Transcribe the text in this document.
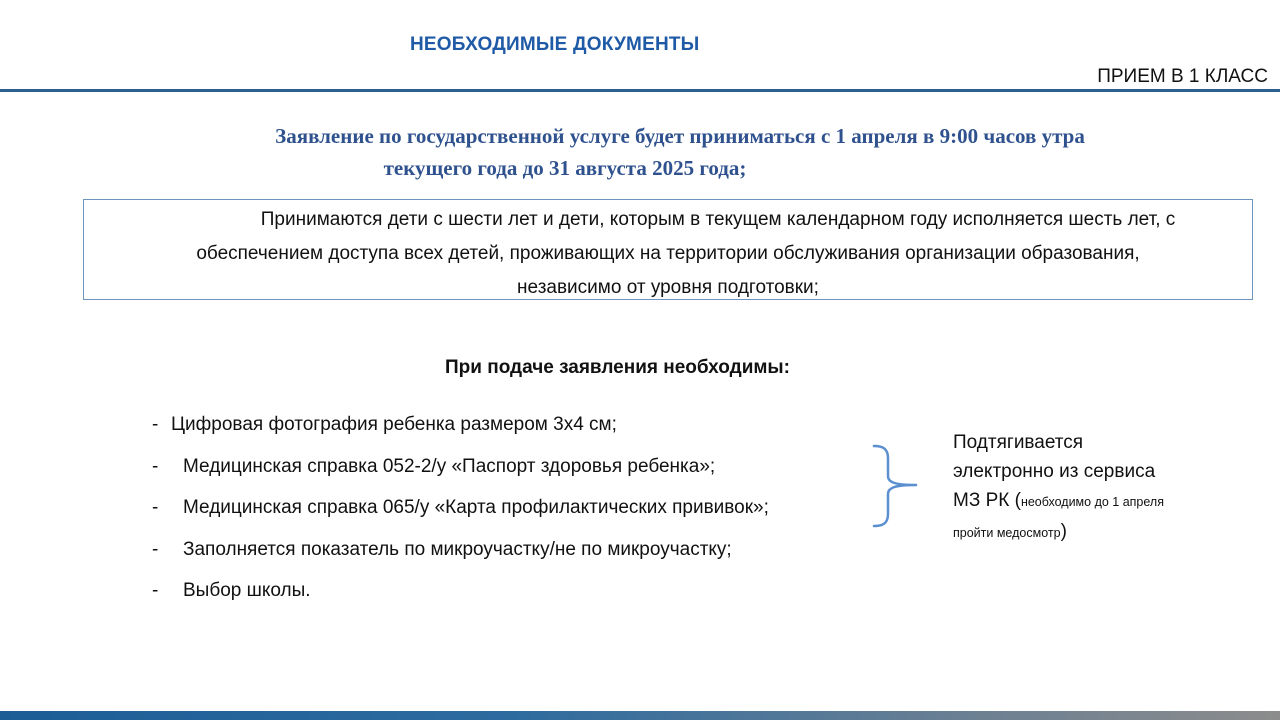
НЕОБХОДИМЫЕ ДОКУМЕНТЫ
ПРИЕМ В 1 КЛАСС
Заявление по государственной услуге будет приниматься с 1 апреля в 9:00 часов утра
текущего года до 31 августа 2025 года;
Принимаются дети с шести лет и дети, которым в текущем календарном году исполняется шесть лет, с
обеспечением доступа всех детей, проживающих на территории обслуживания организации образования,
независимо от уровня подготовки;
При подаче заявления необходимы:
- Цифровая фотография ребенка размером 3х4 см;
-	Медицинская справка 052-2/у «Паспорт здоровья ребенка»;
-	Медицинская справка 065/у «Карта профилактических прививок»;
-	Заполняется показатель по микроучастку/не по микроучастку;
-	Выбор школы.
Подтягивается
электронно из сервиса
МЗ РК (необходимо до 1 апреля
пройти медосмотр)
